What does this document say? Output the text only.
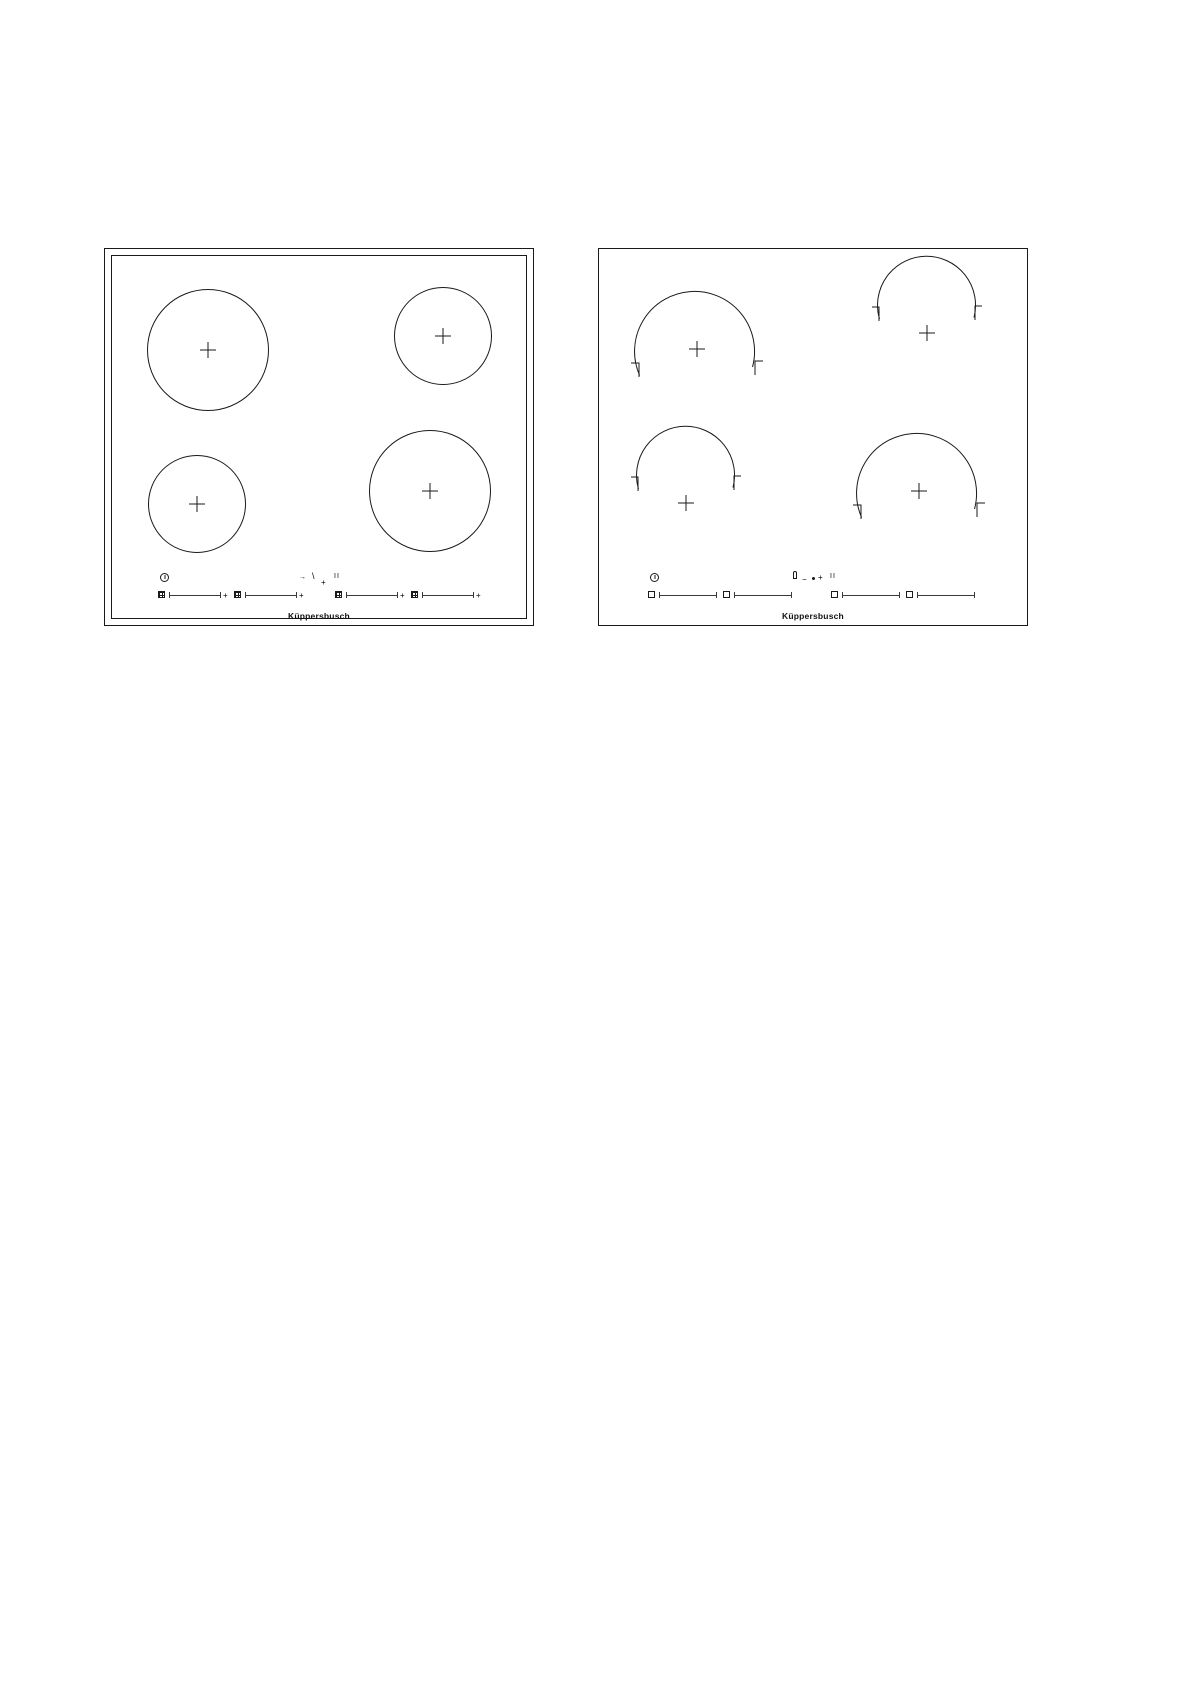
→ \
+
II
+	+	+	+
Küppersbusch
− + II
Küppersbusch
